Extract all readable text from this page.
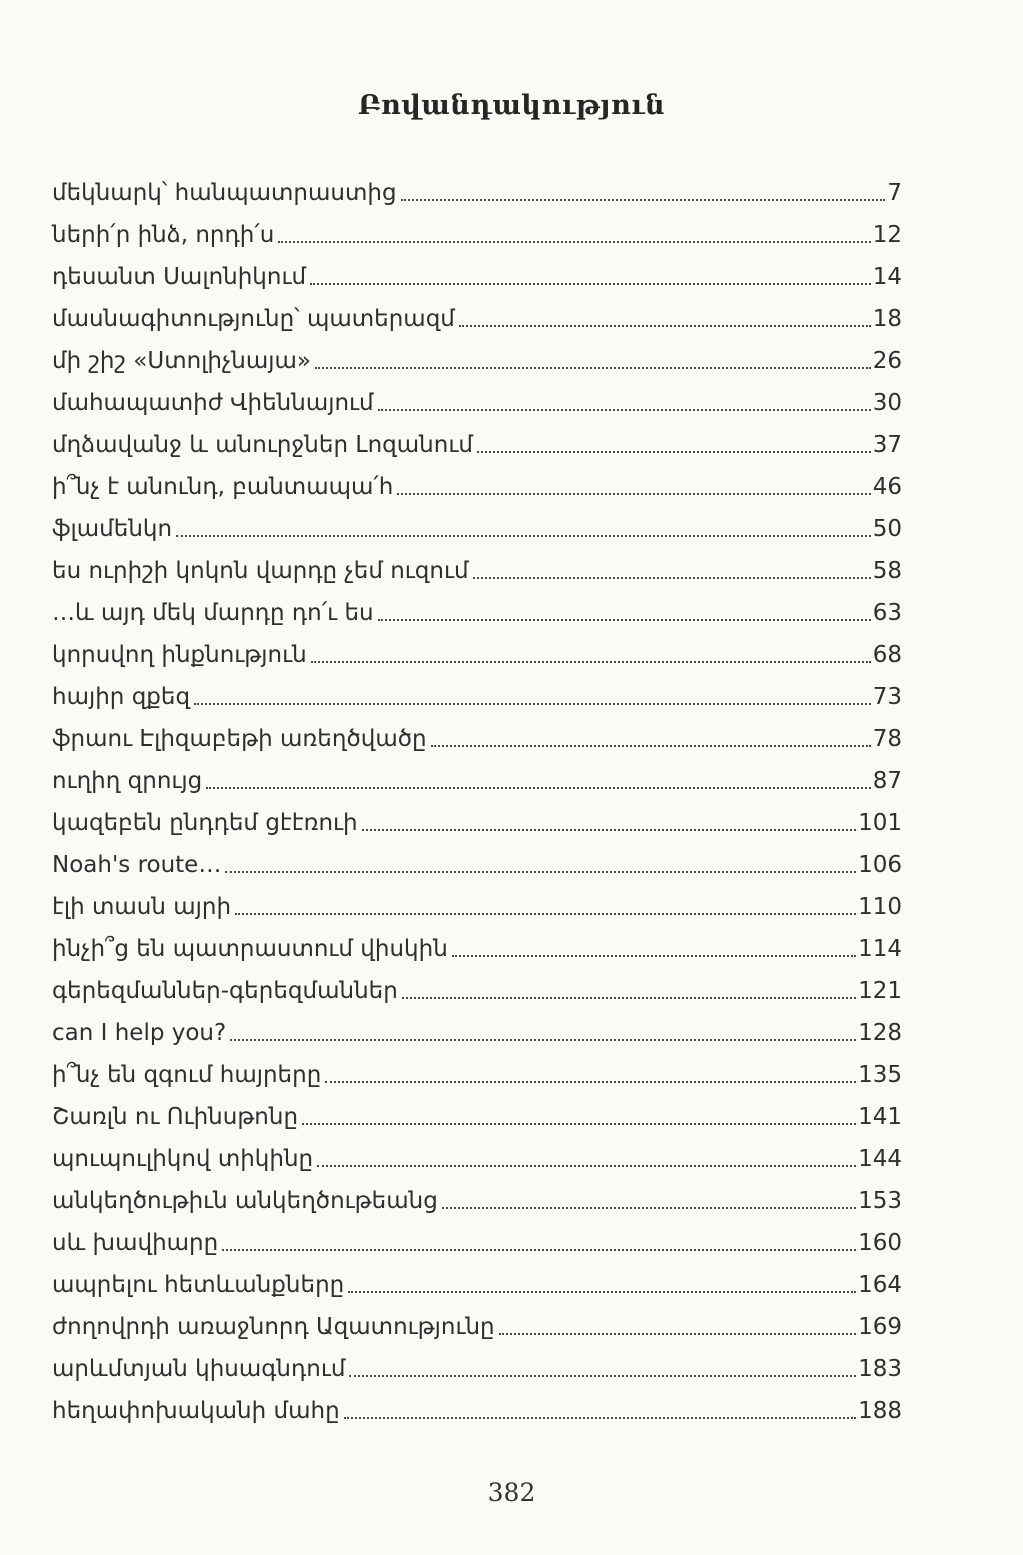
Բովանդակություն
մեկնարկ՝ հանպատրաստից	7
ների՛ր ինձ, որդի՛ս	12
դեսանտ Սալոնիկում	14
մասնագիտությունը՝ պատերազմ	18
մի շիշ «Ստոլիչնայա»	26
մահապատիժ Վիեննայում	30
մղձավանջ և անուրջներ Լոզանում	37
ի՞նչ է անունդ, բանտապա՛հ	46
ֆլամենկո	50
ես ուրիշի կոկոն վարդը չեմ ուզում	58
…և այդ մեկ մարդը դո՛ւ ես	63
կորսվող ինքնություն	68
հայիր զքեզ	73
ֆրաու Էլիզաբեթի առեղծվածը	78
ուղիղ զրույց	87
կազեբեն ընդդեմ ցէէռուի	101
Noah's route…	106
էլի տասն այրի	110
ինչի՞ց են պատրաստում վիսկին	114
գերեզմաններ-գերեզմաններ	121
can I help you?	128
ի՞նչ են զգում հայրերը	135
Շառլն ու Ուինսթոնը	141
պուպուլիկով տիկինը	144
անկեղծութիւն անկեղծութեանց	153
սև խավիարը	160
ապրելու հետևանքները	164
ժողովրդի առաջնորդ Ազատությունը	169
արևմտյան կիսագնդում	183
հեղափոխականի մահը	188
382
